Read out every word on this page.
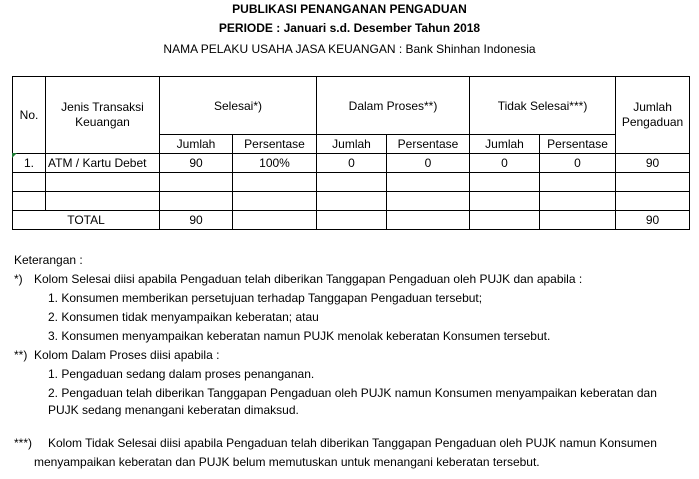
PUBLIKASI PENANGANAN PENGADUAN
PERIODE : Januari s.d. Desember Tahun 2018
NAMA PELAKU USAHA JASA KEUANGAN : Bank Shinhan Indonesia
No.	Jenis Transaksi Keuangan	Selesai*)		Dalam Proses**)		Tidak Selesai***)		Jumlah Pengaduan
		Jumlah	Persentase	Jumlah	Persentase	Jumlah	Persentase	
1.	ATM / Kartu Debet	90	100%	0	0	0	0	90

TOTAL		90						90
Keterangan :
*) Kolom Selesai diisi apabila Pengaduan telah diberikan Tanggapan Pengaduan oleh PUJK dan apabila :
1. Konsumen memberikan persetujuan terhadap Tanggapan Pengaduan tersebut;
2. Konsumen tidak menyampaikan keberatan; atau
3. Konsumen menyampaikan keberatan namun PUJK menolak keberatan Konsumen tersebut.
**) Kolom Dalam Proses diisi apabila :
1. Pengaduan sedang dalam proses penanganan.
2. Pengaduan telah diberikan Tanggapan Pengaduan oleh PUJK namun Konsumen menyampaikan keberatan dan
PUJK sedang menangani keberatan dimaksud.
***) Kolom Tidak Selesai diisi apabila Pengaduan telah diberikan Tanggapan Pengaduan oleh PUJK namun Konsumen
menyampaikan keberatan dan PUJK belum memutuskan untuk menangani keberatan tersebut.
